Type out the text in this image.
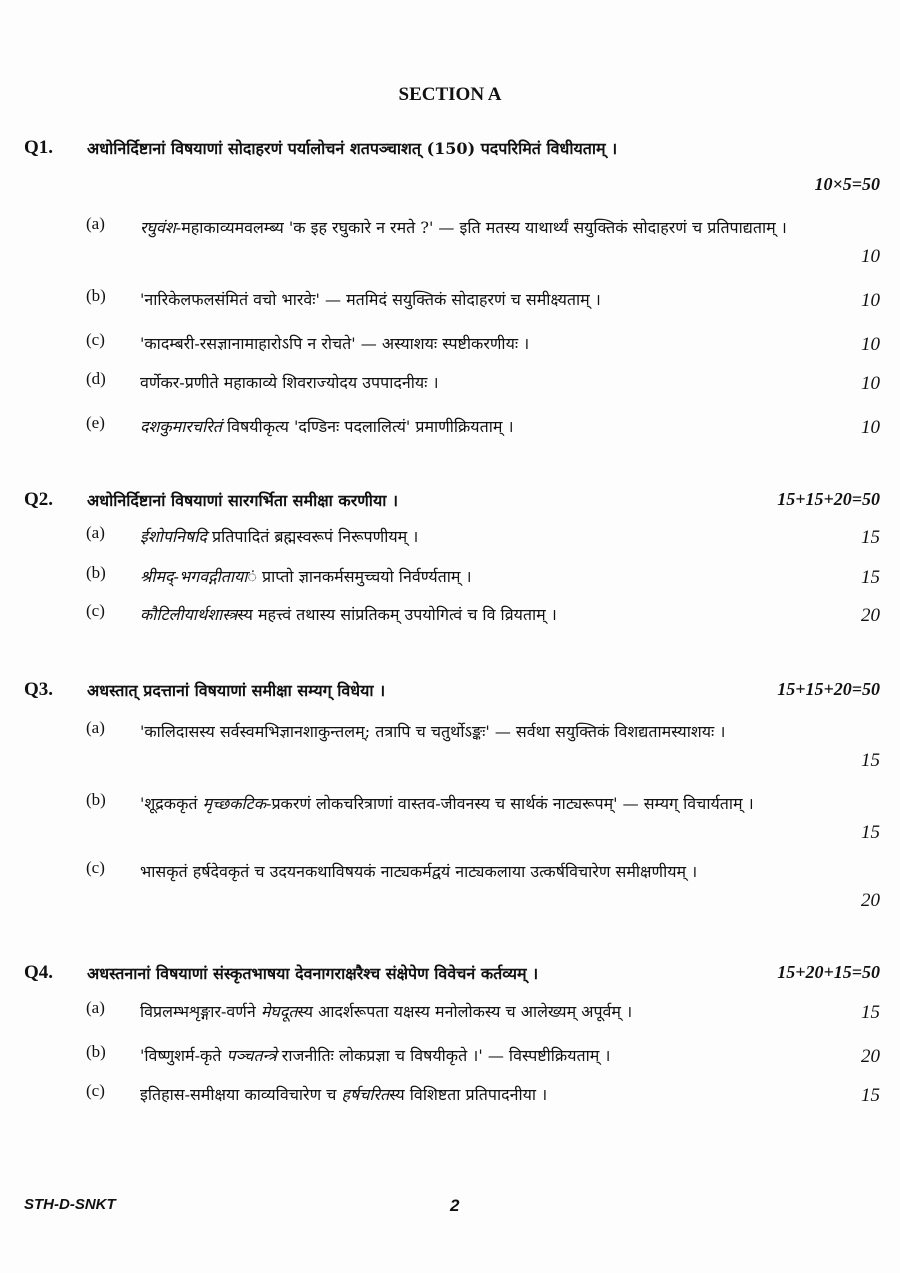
SECTION A
Q1. अधोनिर्दिष्टानां विषयाणां सोदाहरणं पर्यालोचनं शतपञ्चाशत् (150) पदपरिमितं विधीयताम् ।
10×5=50
(a) रघुवंश-महाकाव्यमवलम्ब्य 'क इह रघुकारे न रमते ?' — इति मतस्य याथार्थ्यं सयुक्तिकं सोदाहरणं च प्रतिपाद्यताम् ।
10
(b) 'नारिकेलफलसंमितं वचो भारवेः' — मतमिदं सयुक्तिकं सोदाहरणं च समीक्ष्यताम् ।	10
(c) 'कादम्बरी-रसज्ञानामाहारोऽपि न रोचते' — अस्याशयः स्पष्टीकरणीयः ।	10
(d) वर्णेकर-प्रणीते महाकाव्ये शिवराज्योदय उपपादनीयः ।	10
(e) दशकुमारचरितं विषयीकृत्य 'दण्डिनः पदलालित्यं' प्रमाणीक्रियताम् ।	10
Q2. अधोनिर्दिष्टानां विषयाणां सारगर्भिता समीक्षा करणीया ।	15+15+20=50
(a) ईशोपनिषदि प्रतिपादितं ब्रह्मस्वरूपं निरूपणीयम् ।	15
(b) श्रीमद्-भगवद्गीतायां प्राप्तो ज्ञानकर्मसमुच्चयो निर्वर्ण्यताम् ।	15
(c) कौटिलीयार्थशास्त्रस्य महत्त्वं तथास्य सांप्रतिकम् उपयोगित्वं च वि व्रियताम् ।	20
Q3. अधस्तात् प्रदत्तानां विषयाणां समीक्षा सम्यग् विधेया ।	15+15+20=50
(a) 'कालिदासस्य सर्वस्वमभिज्ञानशाकुन्तलम्; तत्रापि च चतुर्थोऽङ्कः' — सर्वथा सयुक्तिकं विशद्यतामस्याशयः ।
15
(b) 'शूद्रककृतं मृच्छकटिक-प्रकरणं लोकचरित्राणां वास्तव-जीवनस्य च सार्थकं नाट्यरूपम्' — सम्यग् विचार्यताम् ।
15
(c) भासकृतं हर्षदेवकृतं च उदयनकथाविषयकं नाट्यकर्मद्वयं नाट्यकलाया उत्कर्षविचारेण समीक्षणीयम् ।
20
Q4. अधस्तनानां विषयाणां संस्कृतभाषया देवनागराक्षरैश्च संक्षेपेण विवेचनं कर्तव्यम् ।	15+20+15=50
(a) विप्रलम्भशृङ्गार-वर्णने मेघदूतस्य आदर्शरूपता यक्षस्य मनोलोकस्य च आलेख्यम् अपूर्वम् ।	15
(b) 'विष्णुशर्म-कृते पञ्चतन्त्रे राजनीतिः लोकप्रज्ञा च विषयीकृते ।' — विस्पष्टीक्रियताम् ।	20
(c) इतिहास-समीक्षया काव्यविचारेण च हर्षचरितस्य विशिष्टता प्रतिपादनीया ।	15
STH-D-SNKT	2
